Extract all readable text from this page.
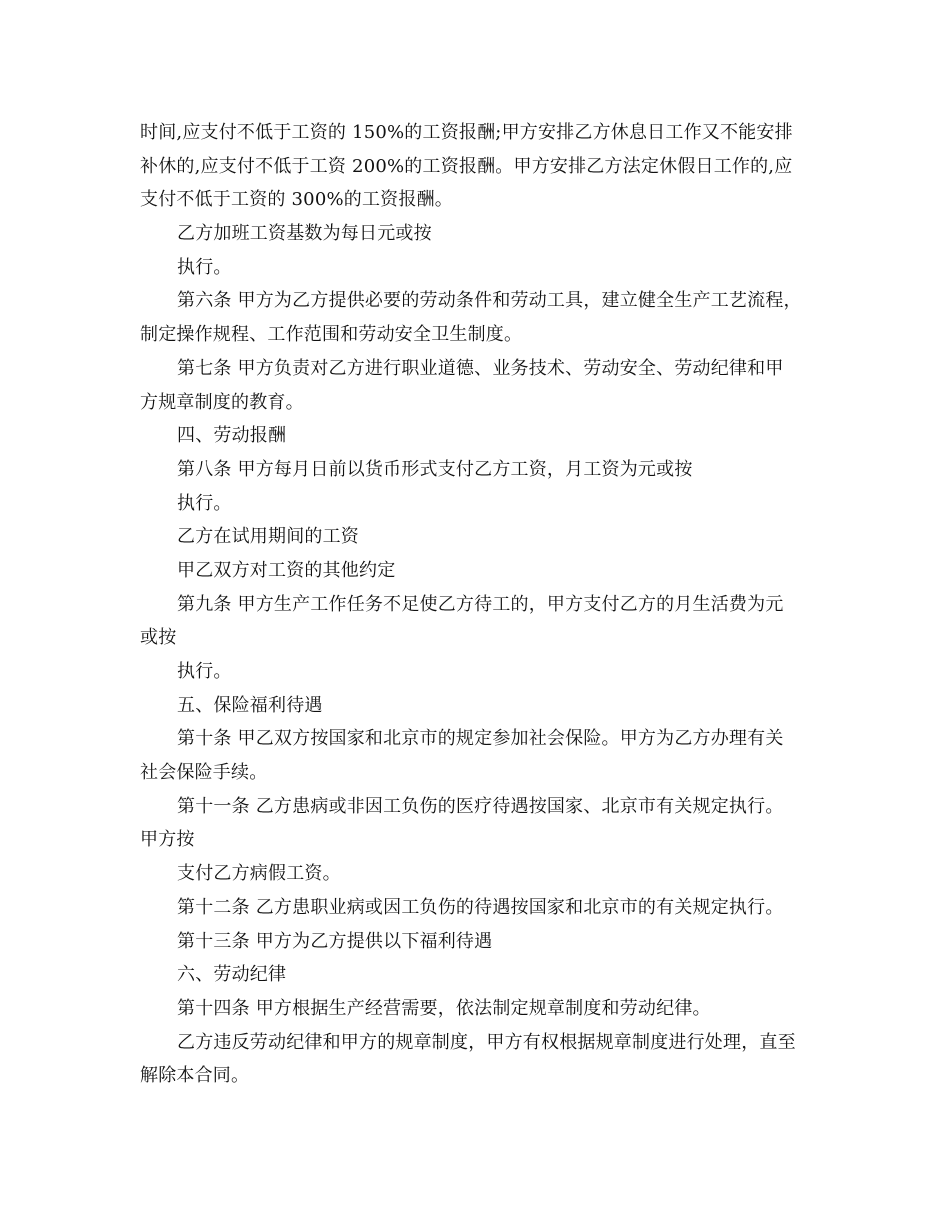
时间,应支付不低于工资的 150%的工资报酬;甲方安排乙方休息日工作又不能安排
补休的,应支付不低于工资 200%的工资报酬。甲方安排乙方法定休假日工作的,应
支付不低于工资的 300%的工资报酬。
乙方加班工资基数为每日元或按
执行。
第六条 甲方为乙方提供必要的劳动条件和劳动工具，建立健全生产工艺流程，
制定操作规程、工作范围和劳动安全卫生制度。
第七条 甲方负责对乙方进行职业道德、业务技术、劳动安全、劳动纪律和甲
方规章制度的教育。
四、劳动报酬
第八条 甲方每月日前以货币形式支付乙方工资，月工资为元或按
执行。
乙方在试用期间的工资
甲乙双方对工资的其他约定
第九条 甲方生产工作任务不足使乙方待工的，甲方支付乙方的月生活费为元
或按
执行。
五、保险福利待遇
第十条 甲乙双方按国家和北京市的规定参加社会保险。甲方为乙方办理有关
社会保险手续。
第十一条 乙方患病或非因工负伤的医疗待遇按国家、北京市有关规定执行。
甲方按
支付乙方病假工资。
第十二条 乙方患职业病或因工负伤的待遇按国家和北京市的有关规定执行。
第十三条 甲方为乙方提供以下福利待遇
六、劳动纪律
第十四条 甲方根据生产经营需要，依法制定规章制度和劳动纪律。
乙方违反劳动纪律和甲方的规章制度，甲方有权根据规章制度进行处理，直至
解除本合同。
